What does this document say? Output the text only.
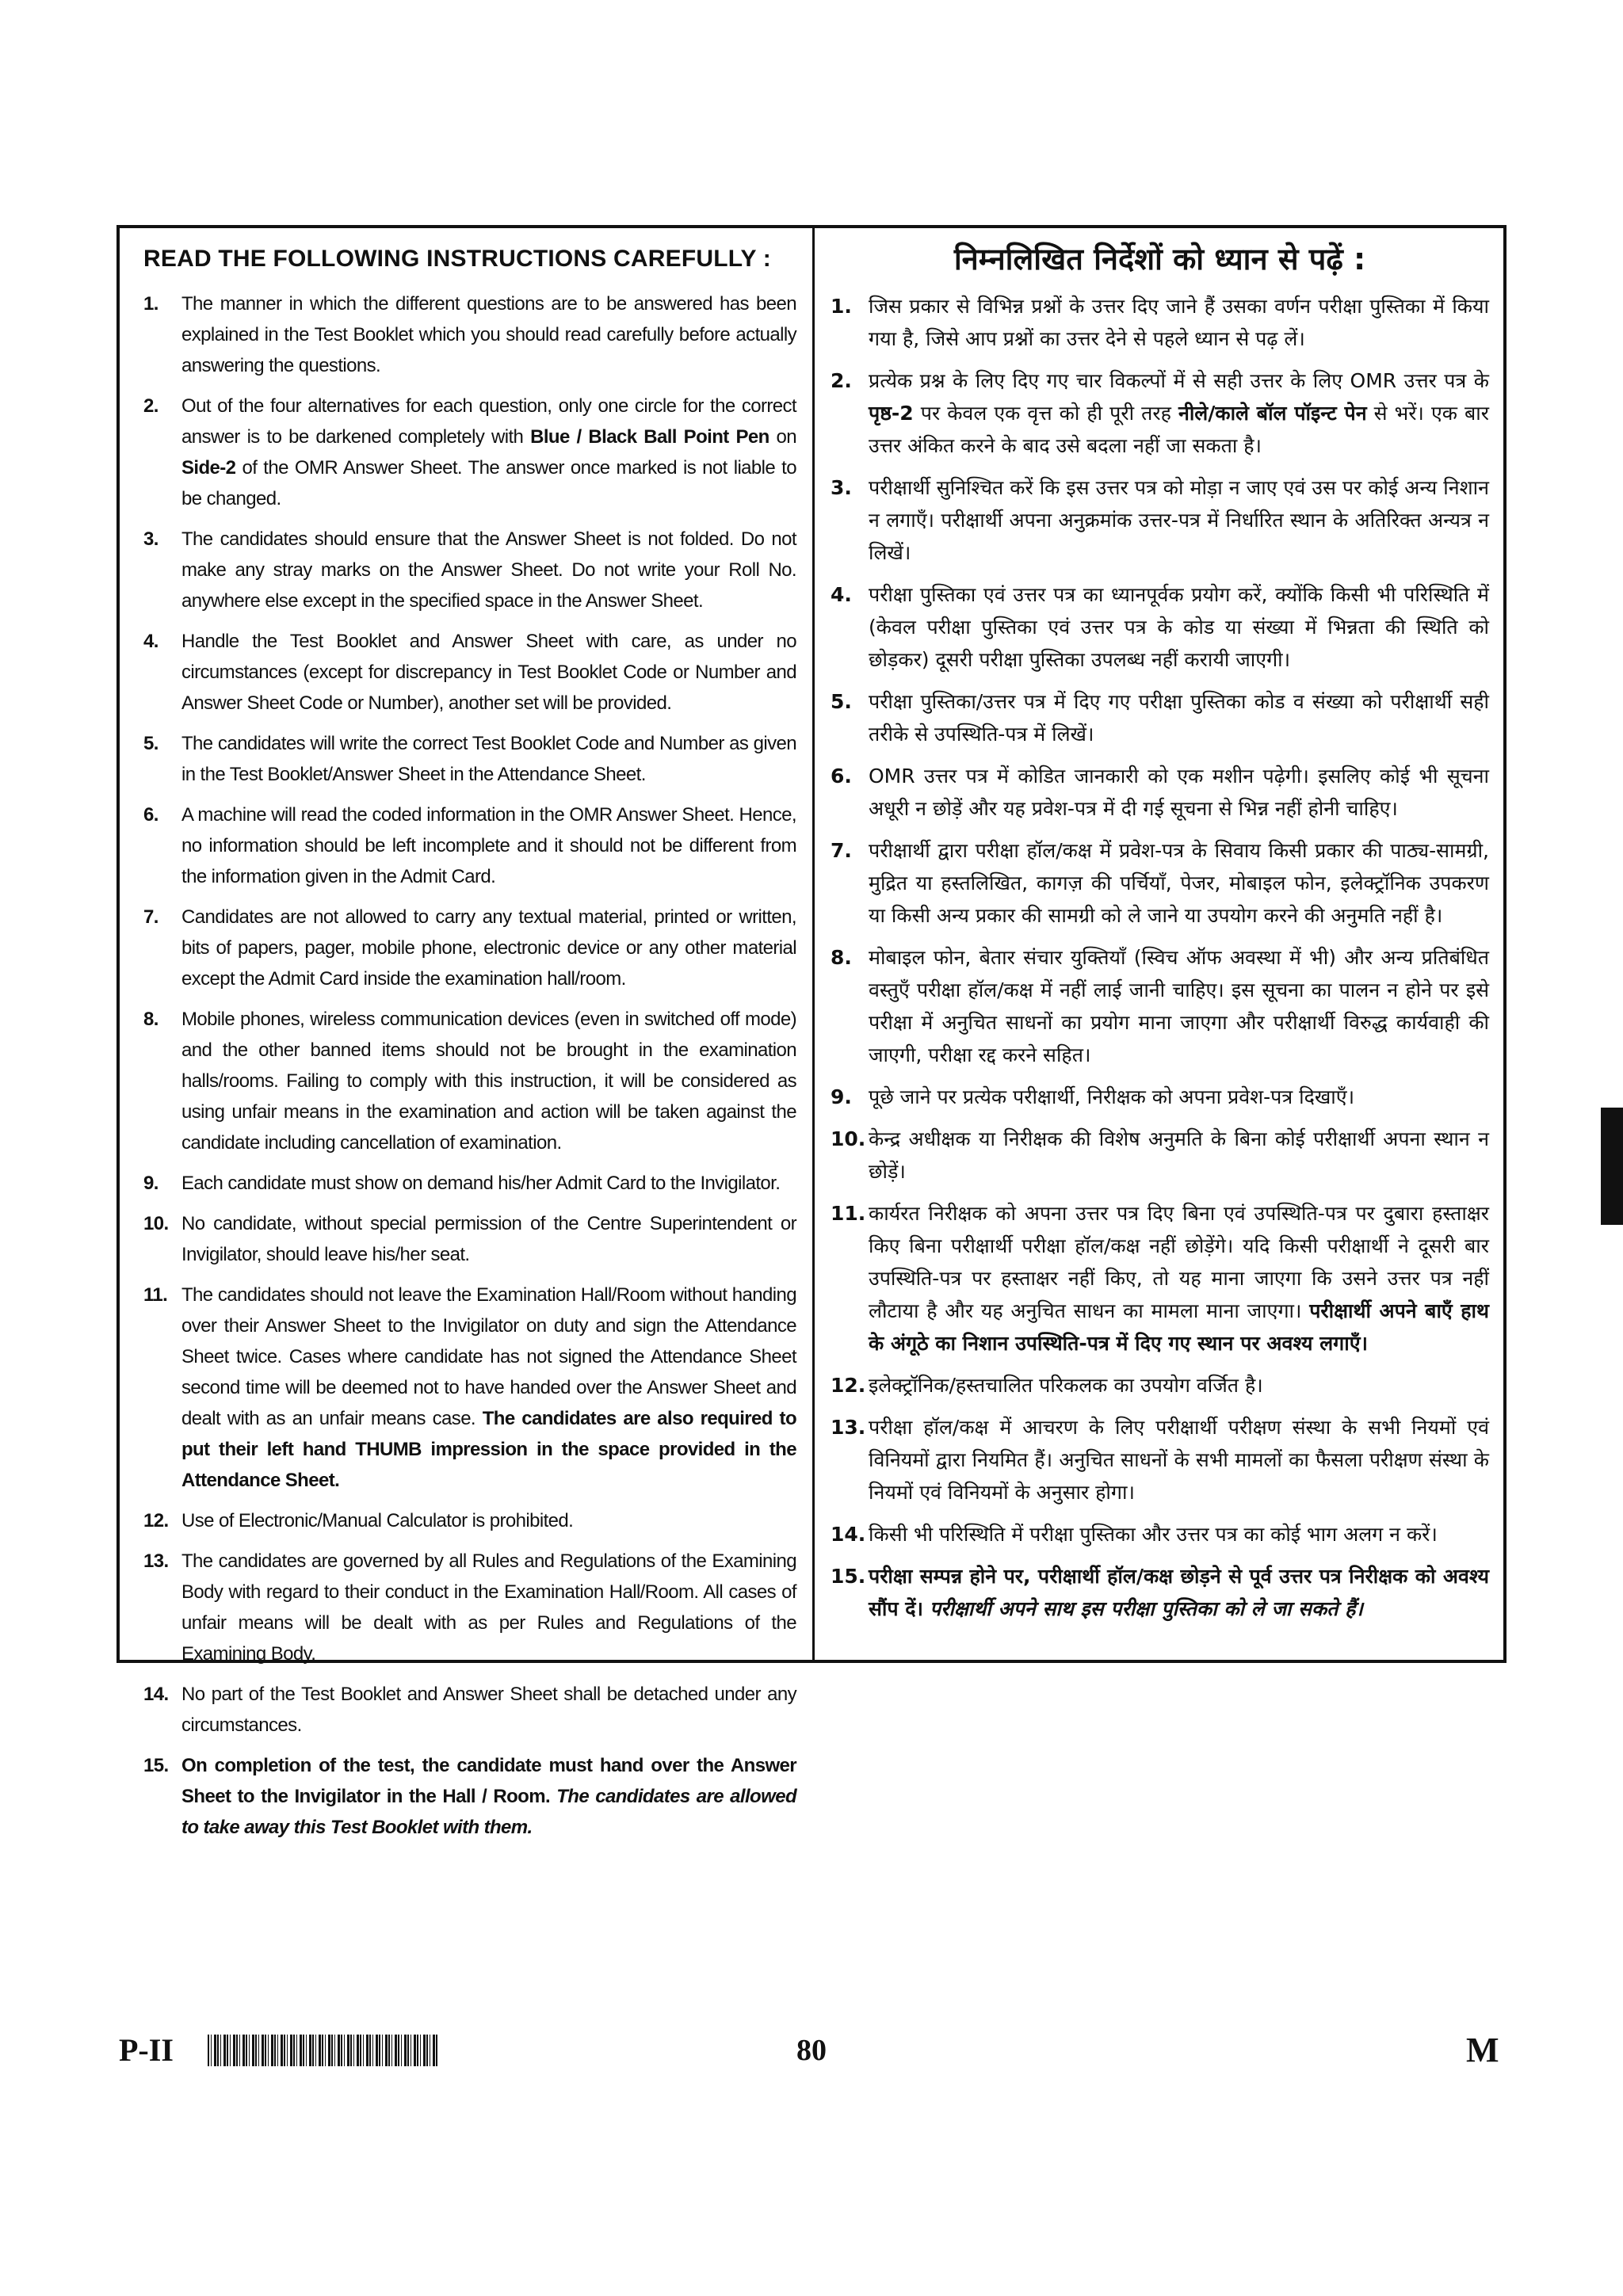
READ THE FOLLOWING INSTRUCTIONS CAREFULLY :
1.	The manner in which the different questions are to be answered has been explained in the Test Booklet which you should read carefully before actually answering the questions.
2.	Out of the four alternatives for each question, only one circle for the correct answer is to be darkened completely with Blue / Black Ball Point Pen on Side-2 of the OMR Answer Sheet. The answer once marked is not liable to be changed.
3.	The candidates should ensure that the Answer Sheet is not folded. Do not make any stray marks on the Answer Sheet. Do not write your Roll No. anywhere else except in the specified space in the Answer Sheet.
4.	Handle the Test Booklet and Answer Sheet with care, as under no circumstances (except for discrepancy in Test Booklet Code or Number and Answer Sheet Code or Number), another set will be provided.
5.	The candidates will write the correct Test Booklet Code and Number as given in the Test Booklet/Answer Sheet in the Attendance Sheet.
6.	A machine will read the coded information in the OMR Answer Sheet. Hence, no information should be left incomplete and it should not be different from the information given in the Admit Card.
7.	Candidates are not allowed to carry any textual material, printed or written, bits of papers, pager, mobile phone, electronic device or any other material except the Admit Card inside the examination hall/room.
8.	Mobile phones, wireless communication devices (even in switched off mode) and the other banned items should not be brought in the examination halls/rooms. Failing to comply with this instruction, it will be considered as using unfair means in the examination and action will be taken against the candidate including cancellation of examination.
9.	Each candidate must show on demand his/her Admit Card to the Invigilator.
10. No candidate, without special permission of the Centre Superintendent or Invigilator, should leave his/her seat.
11. The candidates should not leave the Examination Hall/Room without handing over their Answer Sheet to the Invigilator on duty and sign the Attendance Sheet twice. Cases where candidate has not signed the Attendance Sheet second time will be deemed not to have handed over the Answer Sheet and dealt with as an unfair means case. The candidates are also required to put their left hand THUMB impression in the space provided in the Attendance Sheet.
12. Use of Electronic/Manual Calculator is prohibited.
13. The candidates are governed by all Rules and Regulations of the Examining Body with regard to their conduct in the Examination Hall/Room. All cases of unfair means will be dealt with as per Rules and Regulations of the Examining Body.
14. No part of the Test Booklet and Answer Sheet shall be detached under any circumstances.
15. On completion of the test, the candidate must hand over the Answer Sheet to the Invigilator in the Hall / Room. The candidates are allowed to take away this Test Booklet with them.
निम्नलिखित निर्देशों को ध्यान से पढ़ें :
1. जिस प्रकार से विभिन्न प्रश्नों के उत्तर दिए जाने हैं उसका वर्णन परीक्षा पुस्तिका में किया गया है, जिसे आप प्रश्नों का उत्तर देने से पहले ध्यान से पढ़ लें।
2. प्रत्येक प्रश्न के लिए दिए गए चार विकल्पों में से सही उत्तर के लिए OMR उत्तर पत्र के पृष्ठ-2 पर केवल एक वृत्त को ही पूरी तरह नीले/काले बॉल पॉइन्ट पेन से भरें। एक बार उत्तर अंकित करने के बाद उसे बदला नहीं जा सकता है।
3. परीक्षार्थी सुनिश्चित करें कि इस उत्तर पत्र को मोड़ा न जाए एवं उस पर कोई अन्य निशान न लगाएँ। परीक्षार्थी अपना अनुक्रमांक उत्तर-पत्र में निर्धारित स्थान के अतिरिक्त अन्यत्र न लिखें।
4. परीक्षा पुस्तिका एवं उत्तर पत्र का ध्यानपूर्वक प्रयोग करें, क्योंकि किसी भी परिस्थिति में (केवल परीक्षा पुस्तिका एवं उत्तर पत्र के कोड या संख्या में भिन्नता की स्थिति को छोड़कर) दूसरी परीक्षा पुस्तिका उपलब्ध नहीं करायी जाएगी।
5. परीक्षा पुस्तिका/उत्तर पत्र में दिए गए परीक्षा पुस्तिका कोड व संख्या को परीक्षार्थी सही तरीके से उपस्थिति-पत्र में लिखें।
6. OMR उत्तर पत्र में कोडित जानकारी को एक मशीन पढ़ेगी। इसलिए कोई भी सूचना अधूरी न छोड़ें और यह प्रवेश-पत्र में दी गई सूचना से भिन्न नहीं होनी चाहिए।
7. परीक्षार्थी द्वारा परीक्षा हॉल/कक्ष में प्रवेश-पत्र के सिवाय किसी प्रकार की पाठ्य-सामग्री, मुद्रित या हस्तलिखित, कागज़ की पर्चियाँ, पेजर, मोबाइल फोन, इलेक्ट्रॉनिक उपकरण या किसी अन्य प्रकार की सामग्री को ले जाने या उपयोग करने की अनुमति नहीं है।
8. मोबाइल फोन, बेतार संचार युक्तियाँ (स्विच ऑफ अवस्था में भी) और अन्य प्रतिबंधित वस्तुएँ परीक्षा हॉल/कक्ष में नहीं लाई जानी चाहिए। इस सूचना का पालन न होने पर इसे परीक्षा में अनुचित साधनों का प्रयोग माना जाएगा और परीक्षार्थी विरुद्ध कार्यवाही की जाएगी, परीक्षा रद्द करने सहित।
9. पूछे जाने पर प्रत्येक परीक्षार्थी, निरीक्षक को अपना प्रवेश-पत्र दिखाएँ।
10. केन्द्र अधीक्षक या निरीक्षक की विशेष अनुमति के बिना कोई परीक्षार्थी अपना स्थान न छोड़ें।
11. कार्यरत निरीक्षक को अपना उत्तर पत्र दिए बिना एवं उपस्थिति-पत्र पर दुबारा हस्ताक्षर किए बिना परीक्षार्थी परीक्षा हॉल/कक्ष नहीं छोड़ेंगे। यदि किसी परीक्षार्थी ने दूसरी बार उपस्थिति-पत्र पर हस्ताक्षर नहीं किए, तो यह माना जाएगा कि उसने उत्तर पत्र नहीं लौटाया है और यह अनुचित साधन का मामला माना जाएगा। परीक्षार्थी अपने बाएँ हाथ के अंगूठे का निशान उपस्थिति-पत्र में दिए गए स्थान पर अवश्य लगाएँ।
12. इलेक्ट्रॉनिक/हस्तचालित परिकलक का उपयोग वर्जित है।
13. परीक्षा हॉल/कक्ष में आचरण के लिए परीक्षार्थी परीक्षण संस्था के सभी नियमों एवं विनियमों द्वारा नियमित हैं। अनुचित साधनों के सभी मामलों का फैसला परीक्षण संस्था के नियमों एवं विनियमों के अनुसार होगा।
14. किसी भी परिस्थिति में परीक्षा पुस्तिका और उत्तर पत्र का कोई भाग अलग न करें।
15. परीक्षा सम्पन्न होने पर, परीक्षार्थी हॉल/कक्ष छोड़ने से पूर्व उत्तर पत्र निरीक्षक को अवश्य सौंप दें। परीक्षार्थी अपने साथ इस परीक्षा पुस्तिका को ले जा सकते हैं।
P-II	80	M
